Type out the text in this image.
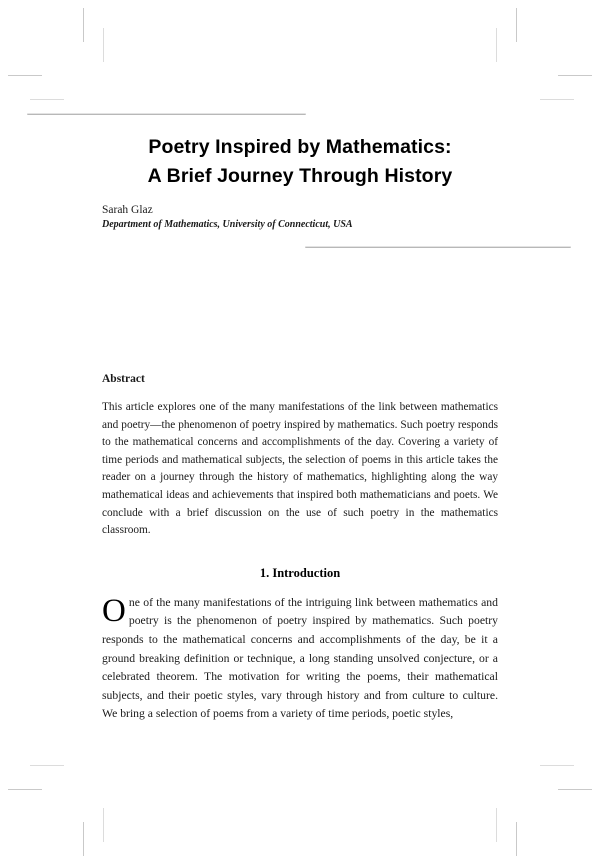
Poetry Inspired by Mathematics:
A Brief Journey Through History
Sarah Glaz
Department of Mathematics, University of Connecticut, USA
Abstract

This article explores one of the many manifestations of the link between mathematics and poetry—the phenomenon of poetry inspired by mathematics. Such poetry responds to the mathematical concerns and accomplishments of the day. Covering a variety of time periods and mathematical subjects, the selection of poems in this article takes the reader on a journey through the history of mathematics, highlighting along the way mathematical ideas and achievements that inspired both mathematicians and poets. We conclude with a brief discussion on the use of such poetry in the mathematics classroom.

1. Introduction

One of the many manifestations of the intriguing link between mathematics and poetry is the phenomenon of poetry inspired by mathematics. Such poetry responds to the mathematical concerns and accomplishments of the day, be it a ground breaking definition or technique, a long standing unsolved conjecture, or a celebrated theorem. The motivation for writing the poems, their mathematical subjects, and their poetic styles, vary through history and from culture to culture. We bring a selection of poems from a variety of time periods, poetic styles,
